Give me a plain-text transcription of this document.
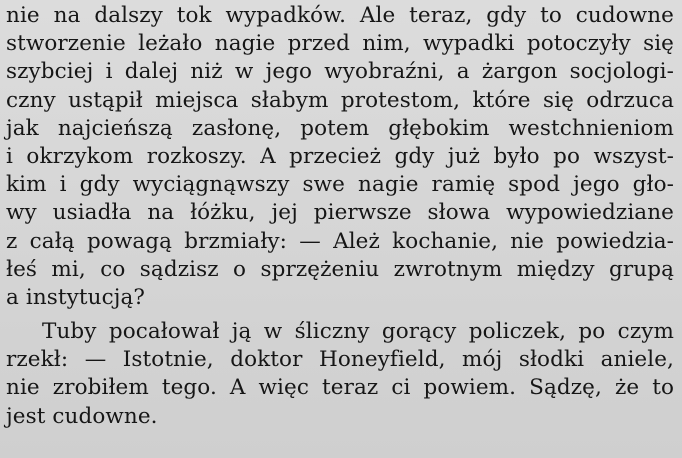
nie na dalszy tok wypadków. Ale teraz, gdy to cudowne
stworzenie leżało nagie przed nim, wypadki potoczyły się
szybciej i dalej niż w jego wyobraźni, a żargon socjologi-
czny ustąpił miejsca słabym protestom, które się odrzuca
jak najcieńszą zasłonę, potem głębokim westchnieniom
i okrzykom rozkoszy. A przecież gdy już było po wszyst-
kim i gdy wyciągnąwszy swe nagie ramię spod jego gło-
wy usiadła na łóżku, jej pierwsze słowa wypowiedziane
z całą powagą brzmiały: — Ależ kochanie, nie powiedzia-
łeś mi, co sądzisz o sprzężeniu zwrotnym między grupą
a instytucją?
Tuby pocałował ją w śliczny gorący policzek, po czym
rzekł: — Istotnie, doktor Honeyfield, mój słodki aniele,
nie zrobiłem tego. A więc teraz ci powiem. Sądzę, że to
jest cudowne.
